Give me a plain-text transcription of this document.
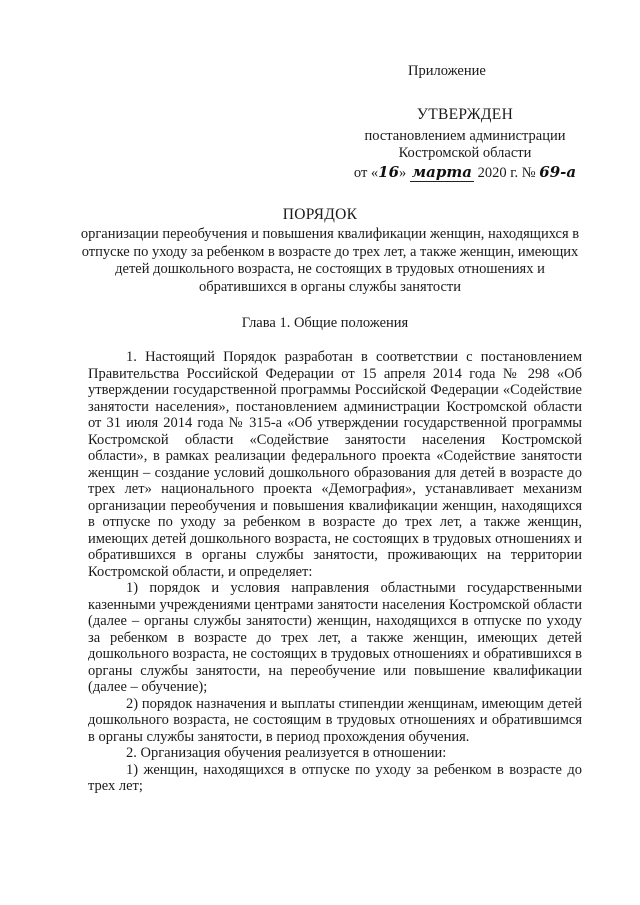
Приложение
УТВЕРЖДЕН
постановлением администрации
Костромской области
от «16» марта 2020 г. № 69-а
ПОРЯДОК
организации переобучения и повышения квалификации женщин, находящихся в отпуске по уходу за ребенком в возрасте до трех лет, а также женщин, имеющих детей дошкольного возраста, не состоящих в трудовых отношениях и обратившихся в органы службы занятости
Глава 1. Общие положения

1. Настоящий Порядок разработан в соответствии с постановлением Правительства Российской Федерации от 15 апреля 2014 года № 298 «Об утверждении государственной программы Российской Федерации «Содействие занятости населения», постановлением администрации Костромской области от 31 июля 2014 года № 315-а «Об утверждении государственной программы Костромской области «Содействие занятости населения Костромской области», в рамках реализации федерального проекта «Содействие занятости женщин – создание условий дошкольного образования для детей в возрасте до трех лет» национального проекта «Демография», устанавливает механизм организации переобучения и повышения квалификации женщин, находящихся в отпуске по уходу за ребенком в возрасте до трех лет, а также женщин, имеющих детей дошкольного возраста, не состоящих в трудовых отношениях и обратившихся в органы службы занятости, проживающих на территории Костромской области, и определяет:

1) порядок и условия направления областными государственными казенными учреждениями центрами занятости населения Костромской области (далее – органы службы занятости) женщин, находящихся в отпуске по уходу за ребенком в возрасте до трех лет, а также женщин, имеющих детей дошкольного возраста, не состоящих в трудовых отношениях и обратившихся в органы службы занятости, на переобучение или повышение квалификации (далее – обучение);

2) порядок назначения и выплаты стипендии женщинам, имеющим детей дошкольного возраста, не состоящим в трудовых отношениях и обратившимся в органы службы занятости, в период прохождения обучения.

2. Организация обучения реализуется в отношении:

1) женщин, находящихся в отпуске по уходу за ребенком в возрасте до трех лет;
